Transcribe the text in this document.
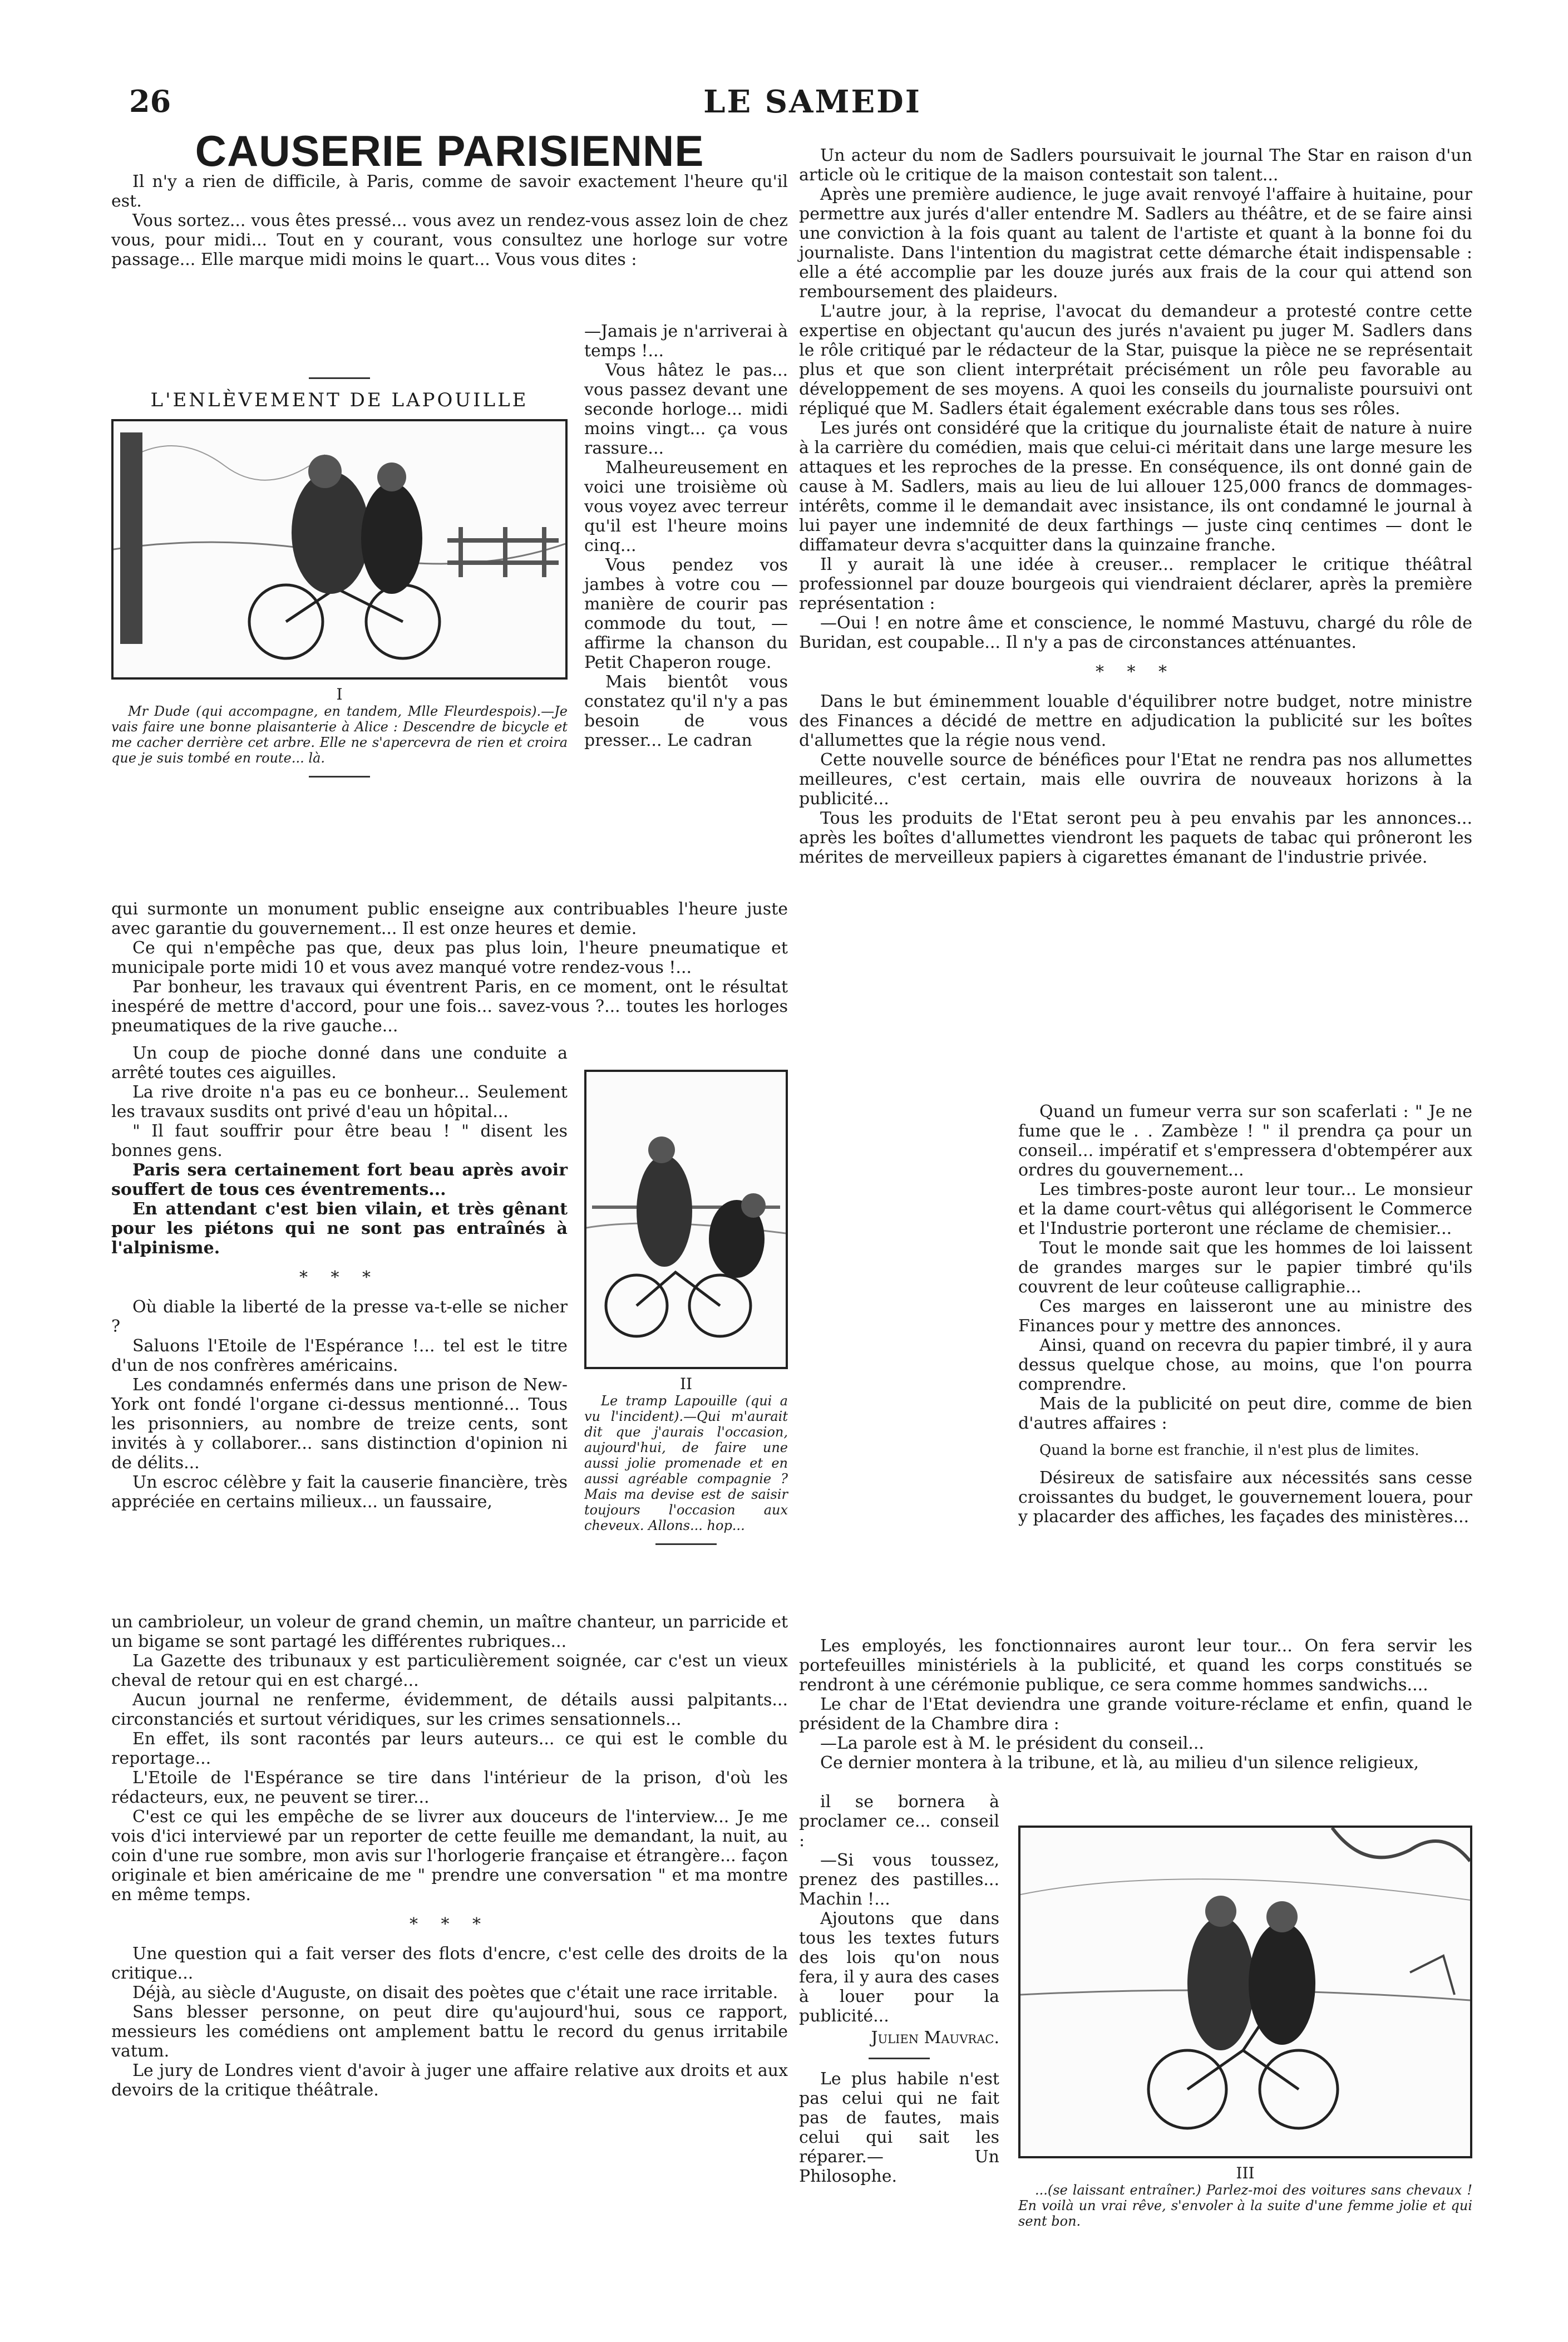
26	LE SAMEDI
CAUSERIE PARISIENNE

Il n'y a rien de difficile, à Paris, comme de savoir exactement l'heure qu'il est.

Vous sortez... vous êtes pressé... vous avez un rendez-vous assez loin de chez vous, pour midi... Tout en y courant, vous consultez une horloge sur votre passage... Elle marque midi moins le quart... Vous vous dites :

L'ENLÈVEMENT DE LAPOUILLE
I

Mr Dude (qui accompagne, en tandem, Mlle Fleurdespois).—Je vais faire une bonne plaisanterie à Alice : Descendre de bicycle et me cacher derrière cet arbre. Elle ne s'apercevra de rien et croira que je suis tombé en route... là.

—Jamais je n'arriverai à temps !...

Vous hâtez le pas... vous passez devant une seconde horloge... midi moins vingt... ça vous rassure...

Malheureusement en voici une troisième où vous voyez avec terreur qu'il est l'heure moins cinq...

Vous pendez vos jambes à votre cou — manière de courir pas commode du tout, — affirme la chanson du Petit Chaperon rouge.

Mais bientôt vous constatez qu'il n'y a pas besoin de vous presser... Le cadran

qui surmonte un monument public enseigne aux contribuables l'heure juste avec garantie du gouvernement... Il est onze heures et demie.

Ce qui n'empêche pas que, deux pas plus loin, l'heure pneumatique et municipale porte midi 10 et vous avez manqué votre rendez-vous !...

Par bonheur, les travaux qui éventrent Paris, en ce moment, ont le résultat inespéré de mettre d'accord, pour une fois... savez-vous ?... toutes les horloges pneumatiques de la rive gauche...

Un coup de pioche donné dans une conduite a arrêté toutes ces aiguilles.

La rive droite n'a pas eu ce bonheur... Seulement les travaux susdits ont privé d'eau un hôpital...

" Il faut souffrir pour être beau ! " disent les bonnes gens.

Paris sera certainement fort beau après avoir souffert de tous ces éventrements...

En attendant c'est bien vilain, et très gênant pour les piétons qui ne sont pas entraînés à l'alpinisme.

* * *

Où diable la liberté de la presse va-t-elle se nicher ?

Saluons l'Etoile de l'Espérance !... tel est le titre d'un de nos confrères américains.

Les condamnés enfermés dans une prison de New-York ont fondé l'organe ci-dessus mentionné... Tous les prisonniers, au nombre de treize cents, sont invités à y collaborer... sans distinction d'opinion ni de délits...

Un escroc célèbre y fait la causerie financière, très appréciée en certains milieux... un faussaire,

II

Le tramp Lapouille (qui a vu l'incident).—Qui m'aurait dit que j'aurais l'occasion, aujourd'hui, de faire une aussi jolie promenade et en aussi agréable compagnie ? Mais ma devise est de saisir toujours l'occasion aux cheveux. Allons... hop...

un cambrioleur, un voleur de grand chemin, un maître chanteur, un parricide et un bigame se sont partagé les différentes rubriques...

La Gazette des tribunaux y est particulièrement soignée, car c'est un vieux cheval de retour qui en est chargé...

Aucun journal ne renferme, évidemment, de détails aussi palpitants... circonstanciés et surtout véridiques, sur les crimes sensationnels...

En effet, ils sont racontés par leurs auteurs... ce qui est le comble du reportage...

L'Etoile de l'Espérance se tire dans l'intérieur de la prison, d'où les rédacteurs, eux, ne peuvent se tirer...

C'est ce qui les empêche de se livrer aux douceurs de l'interview... Je me vois d'ici interviewé par un reporter de cette feuille me demandant, la nuit, au coin d'une rue sombre, mon avis sur l'horlogerie française et étrangère... façon originale et bien américaine de me " prendre une conversation " et ma montre en même temps.

* * *

Une question qui a fait verser des flots d'encre, c'est celle des droits de la critique...

Déjà, au siècle d'Auguste, on disait des poètes que c'était une race irritable.

Sans blesser personne, on peut dire qu'aujourd'hui, sous ce rapport, messieurs les comédiens ont amplement battu le record du genus irritabile vatum.

Le jury de Londres vient d'avoir à juger une affaire relative aux droits et aux devoirs de la critique théâtrale.

Un acteur du nom de Sadlers poursuivait le journal The Star en raison d'un article où le critique de la maison contestait son talent...

Après une première audience, le juge avait renvoyé l'affaire à huitaine, pour permettre aux jurés d'aller entendre M. Sadlers au théâtre, et de se faire ainsi une conviction à la fois quant au talent de l'artiste et quant à la bonne foi du journaliste. Dans l'intention du magistrat cette démarche était indispensable : elle a été accomplie par les douze jurés aux frais de la cour qui attend son remboursement des plaideurs.

L'autre jour, à la reprise, l'avocat du demandeur a protesté contre cette expertise en objectant qu'aucun des jurés n'avaient pu juger M. Sadlers dans le rôle critiqué par le rédacteur de la Star, puisque la pièce ne se représentait plus et que son client interprétait précisément un rôle peu favorable au développement de ses moyens. A quoi les conseils du journaliste poursuivi ont répliqué que M. Sadlers était également exécrable dans tous ses rôles.

Les jurés ont considéré que la critique du journaliste était de nature à nuire à la carrière du comédien, mais que celui-ci méritait dans une large mesure les attaques et les reproches de la presse. En conséquence, ils ont donné gain de cause à M. Sadlers, mais au lieu de lui allouer 125,000 francs de dommages-intérêts, comme il le demandait avec insistance, ils ont condamné le journal à lui payer une indemnité de deux farthings — juste cinq centimes — dont le diffamateur devra s'acquitter dans la quinzaine franche.

Il y aurait là une idée à creuser... remplacer le critique théâtral professionnel par douze bourgeois qui viendraient déclarer, après la première représentation :

—Oui ! en notre âme et conscience, le nommé Mastuvu, chargé du rôle de Buridan, est coupable... Il n'y a pas de circonstances atténuantes.

* * *

Dans le but éminemment louable d'équilibrer notre budget, notre ministre des Finances a décidé de mettre en adjudication la publicité sur les boîtes d'allumettes que la régie nous vend.

Cette nouvelle source de bénéfices pour l'Etat ne rendra pas nos allumettes meilleures, c'est certain, mais elle ouvrira de nouveaux horizons à la publicité...

Tous les produits de l'Etat seront peu à peu envahis par les annonces... après les boîtes d'allumettes viendront les paquets de tabac qui prôneront les mérites de merveilleux papiers à cigarettes émanant de l'industrie privée.

Quand un fumeur verra sur son scaferlati : " Je ne fume que le . . Zambèze ! " il prendra ça pour un conseil... impératif et s'empressera d'obtempérer aux ordres du gouvernement...

Les timbres-poste auront leur tour... Le monsieur et la dame court-vêtus qui allégorisent le Commerce et l'Industrie porteront une réclame de chemisier...

Tout le monde sait que les hommes de loi laissent de grandes marges sur le papier timbré qu'ils couvrent de leur coûteuse calligraphie...

Ces marges en laisseront une au ministre des Finances pour y mettre des annonces.

Ainsi, quand on recevra du papier timbré, il y aura dessus quelque chose, au moins, que l'on pourra comprendre.

Mais de la publicité on peut dire, comme de bien d'autres affaires :

Quand la borne est franchie, il n'est plus de limites.

Désireux de satisfaire aux nécessités sans cesse croissantes du budget, le gouvernement louera, pour y placarder des affiches, les façades des ministères...

Les employés, les fonctionnaires auront leur tour... On fera servir les portefeuilles ministériels à la publicité, et quand les corps constitués se rendront à une cérémonie publique, ce sera comme hommes sandwichs....

Le char de l'Etat deviendra une grande voiture-réclame et enfin, quand le président de la Chambre dira :

—La parole est à M. le président du conseil...

Ce dernier montera à la tribune, et là, au milieu d'un silence religieux,

il se bornera à proclamer ce... conseil :

—Si vous toussez, prenez des pastilles... Machin !...

Ajoutons que dans tous les textes futurs des lois qu'on nous fera, il y aura des cases à louer pour la publicité...

Julien Mauvrac.

Le plus habile n'est pas celui qui ne fait pas de fautes, mais celui qui sait les réparer.— Un Philosophe.	III

...(se laissant entraîner.) Parlez-moi des voitures sans chevaux ! En voilà un vrai rêve, s'envoler à la suite d'une femme jolie et qui sent bon.
